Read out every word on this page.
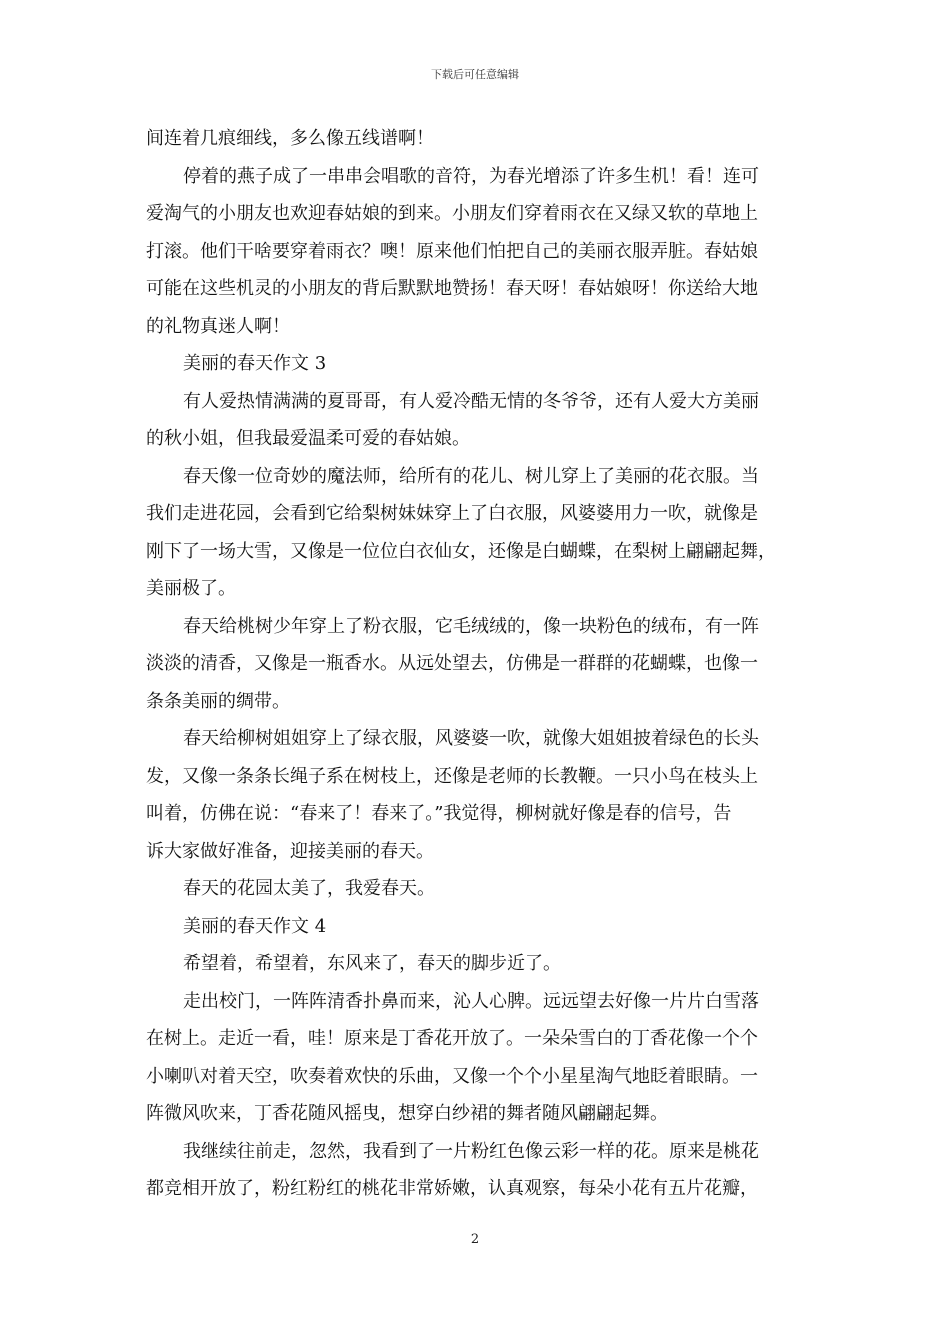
下载后可任意编辑
间连着几痕细线，多么像五线谱啊！
停着的燕子成了一串串会唱歌的音符，为春光增添了许多生机！看！连可
爱淘气的小朋友也欢迎春姑娘的到来。小朋友们穿着雨衣在又绿又软的草地上
打滚。他们干啥要穿着雨衣？噢！原来他们怕把自己的美丽衣服弄脏。春姑娘
可能在这些机灵的小朋友的背后默默地赞扬！春天呀！春姑娘呀！你送给大地
的礼物真迷人啊！
美丽的春天作文 3
有人爱热情满满的夏哥哥，有人爱冷酷无情的冬爷爷，还有人爱大方美丽
的秋小姐，但我最爱温柔可爱的春姑娘。
春天像一位奇妙的魔法师，给所有的花儿、树儿穿上了美丽的花衣服。当
我们走进花园，会看到它给梨树妹妹穿上了白衣服，风婆婆用力一吹，就像是
刚下了一场大雪，又像是一位位白衣仙女，还像是白蝴蝶，在梨树上翩翩起舞，
美丽极了。
春天给桃树少年穿上了粉衣服，它毛绒绒的，像一块粉色的绒布，有一阵
淡淡的清香，又像是一瓶香水。从远处望去，仿佛是一群群的花蝴蝶，也像一
条条美丽的绸带。
春天给柳树姐姐穿上了绿衣服，风婆婆一吹，就像大姐姐披着绿色的长头
发，又像一条条长绳子系在树枝上，还像是老师的长教鞭。一只小鸟在枝头上
叫着，仿佛在说：“春来了！春来了。”我觉得，柳树就好像是春的信号，告
诉大家做好准备，迎接美丽的春天。
春天的花园太美了，我爱春天。
美丽的春天作文 4
希望着，希望着，东风来了，春天的脚步近了。
走出校门，一阵阵清香扑鼻而来，沁人心脾。远远望去好像一片片白雪落
在树上。走近一看，哇！原来是丁香花开放了。一朵朵雪白的丁香花像一个个
小喇叭对着天空，吹奏着欢快的乐曲，又像一个个小星星淘气地眨着眼睛。一
阵微风吹来，丁香花随风摇曳，想穿白纱裙的舞者随风翩翩起舞。
我继续往前走，忽然，我看到了一片粉红色像云彩一样的花。原来是桃花
都竞相开放了，粉红粉红的桃花非常娇嫩，认真观察，每朵小花有五片花瓣，
2
